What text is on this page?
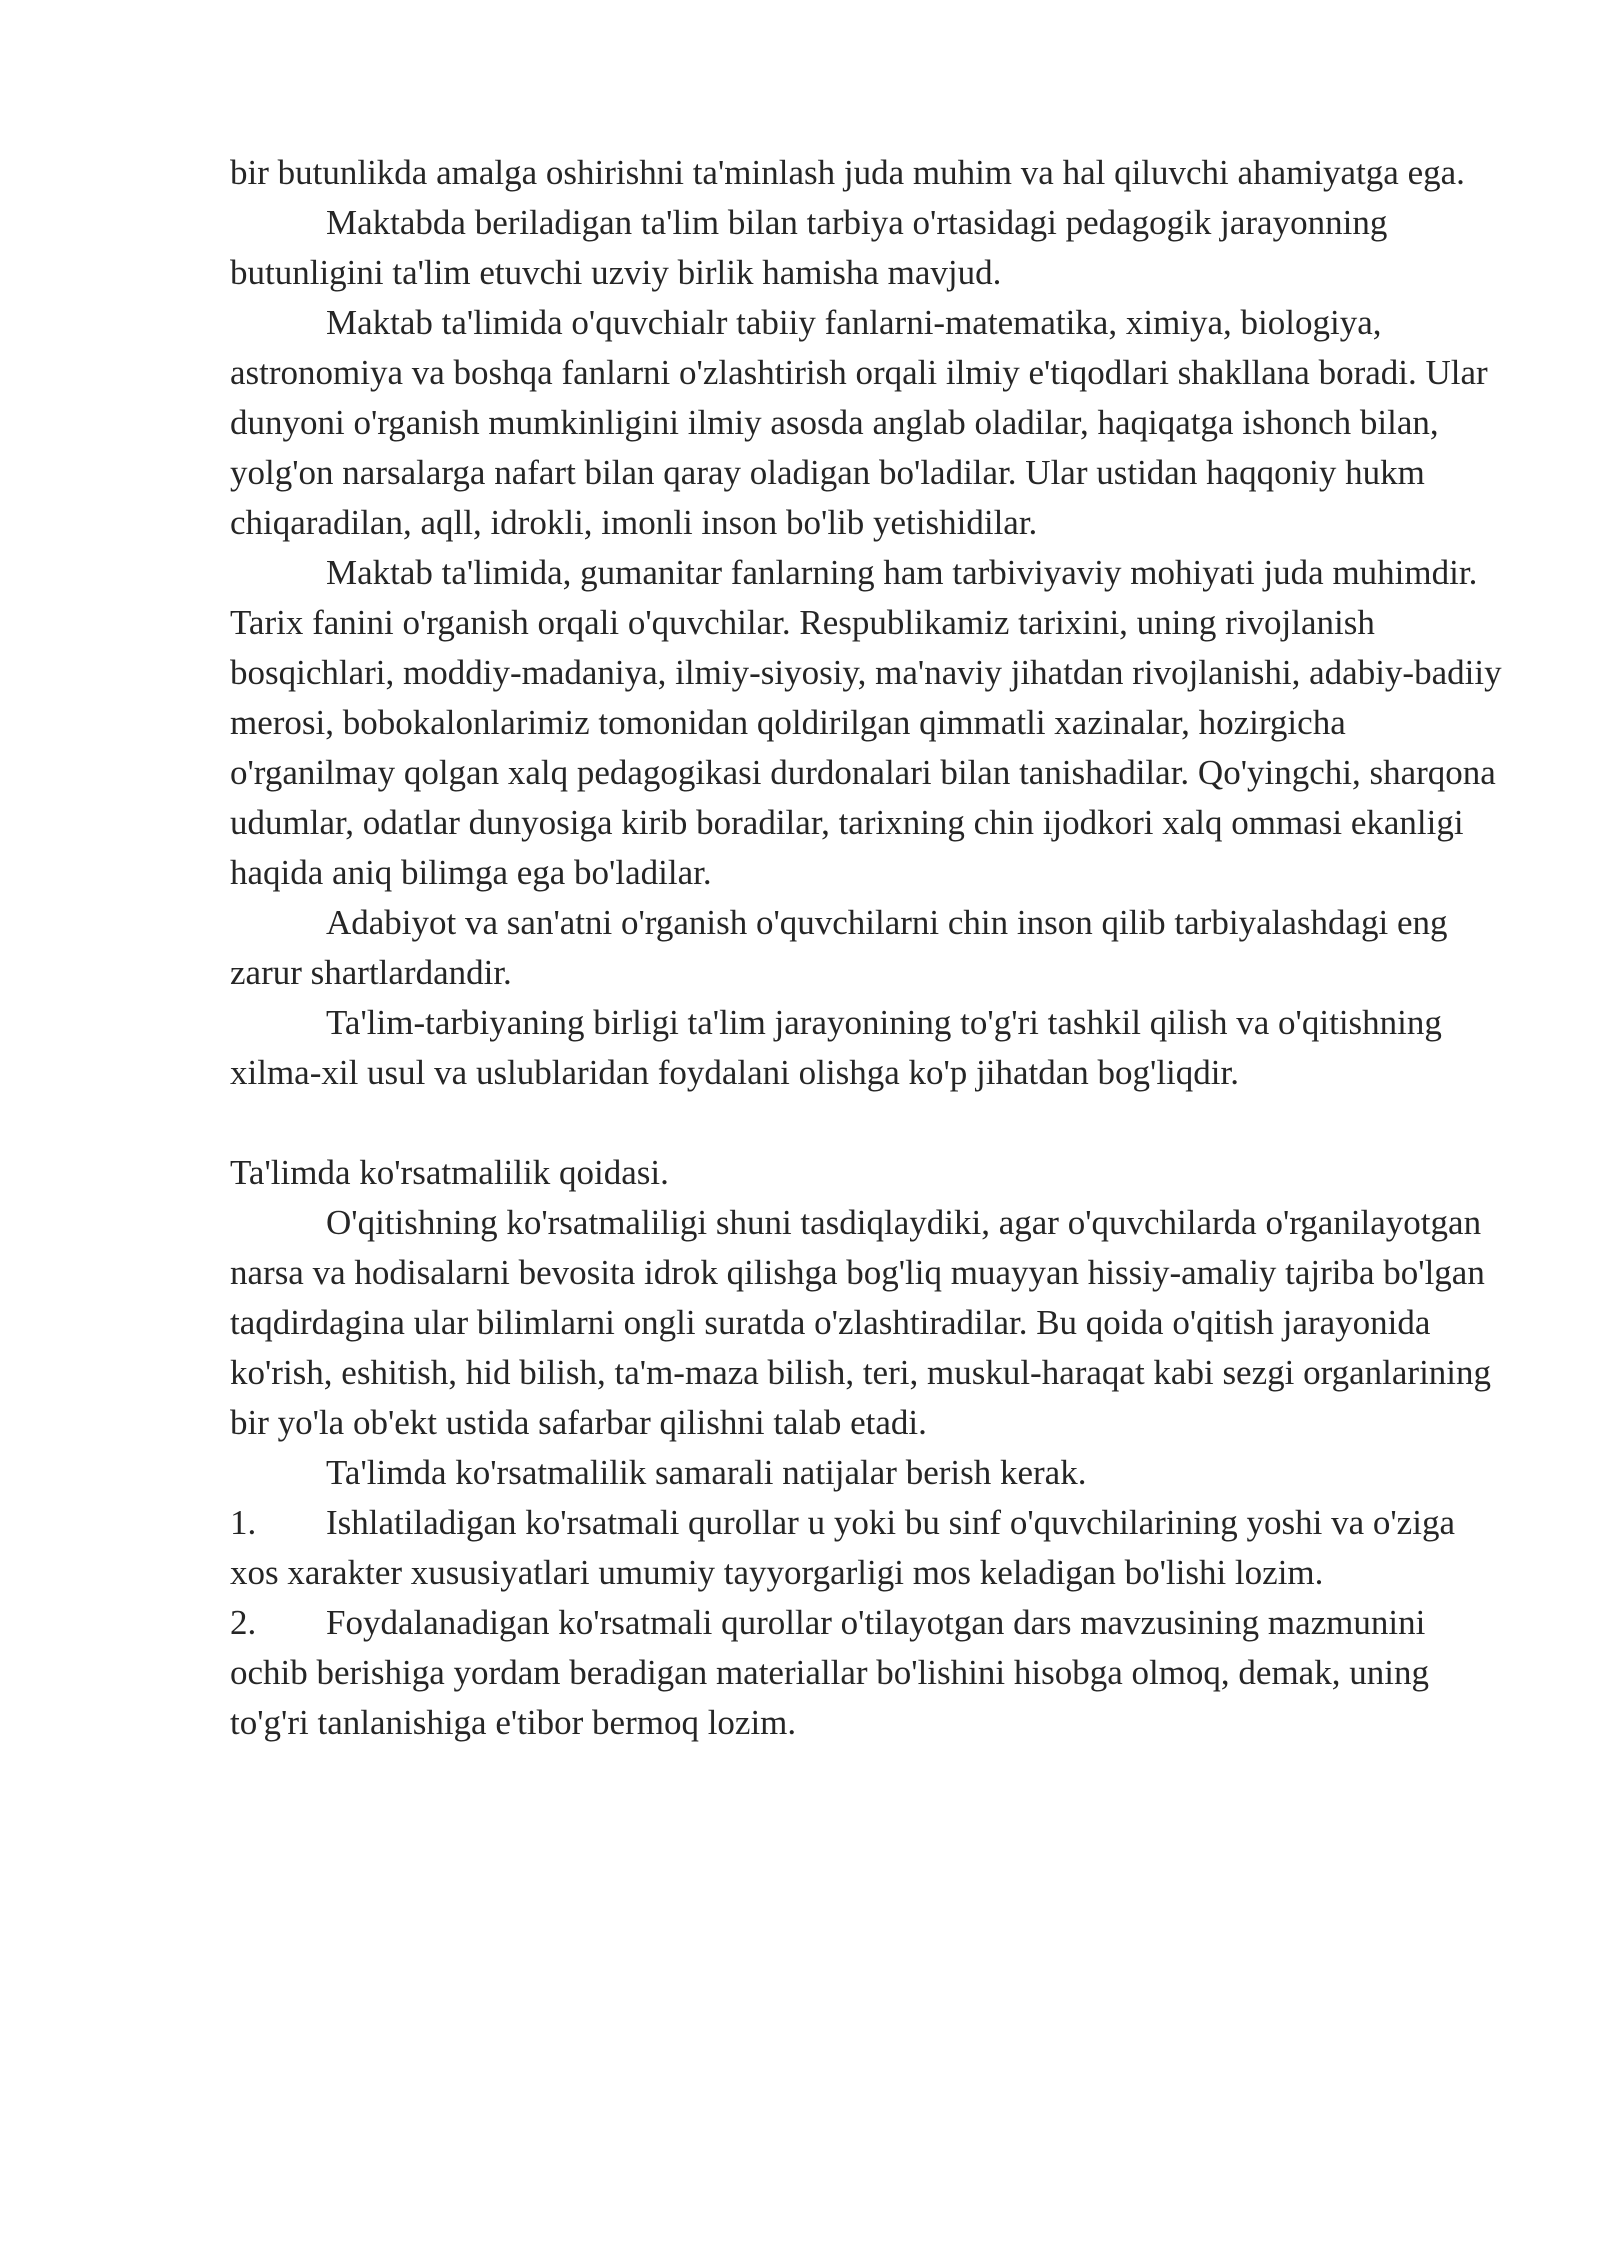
bir butunlikda amalga oshirishni ta'minlash juda muhim va hal qiluvchi ahamiyatga ega.

Maktabda beriladigan ta'lim bilan tarbiya o'rtasidagi pedagogik jarayonning butunligini ta'lim etuvchi uzviy birlik hamisha mavjud.

Maktab ta'limida o'quvchialr tabiiy fanlarni-matematika, ximiya, biologiya, astronomiya va boshqa fanlarni o'zlashtirish orqali ilmiy e'tiqodlari shakllana boradi. Ular dunyoni o'rganish mumkinligini ilmiy asosda anglab oladilar, haqiqatga ishonch bilan, yolg'on narsalarga nafart bilan qaray oladigan bo'ladilar. Ular ustidan haqqoniy hukm chiqaradilan, aqll, idrokli, imonli inson bo'lib yetishidilar.

Maktab ta'limida, gumanitar fanlarning ham tarbiviyaviy mohiyati juda muhimdir. Tarix fanini o'rganish orqali o'quvchilar. Respublikamiz tarixini, uning rivojlanish bosqichlari, moddiy-madaniya, ilmiy-siyosiy, ma'naviy jihatdan rivojlanishi, adabiy-badiiy merosi, bobokalonlarimiz tomonidan qoldirilgan qimmatli xazinalar, hozirgicha o'rganilmay qolgan xalq pedagogikasi durdonalari bilan tanishadilar. Qo'yingchi, sharqona udumlar, odatlar dunyosiga kirib boradilar, tarixning chin ijodkori xalq ommasi ekanligi haqida aniq bilimga ega bo'ladilar.

Adabiyot va san'atni o'rganish o'quvchilarni chin inson qilib tarbiyalashdagi eng zarur shartlardandir.

Ta'lim-tarbiyaning birligi ta'lim jarayonining to'g'ri tashkil qilish va o'qitishning xilma-xil usul va uslublaridan foydalani olishga ko'p jihatdan bog'liqdir.

Ta'limda ko'rsatmalilik qoidasi.

O'qitishning ko'rsatmaliligi shuni tasdiqlaydiki, agar o'quvchilarda o'rganilayotgan narsa va hodisalarni bevosita idrok qilishga bog'liq muayyan hissiy-amaliy tajriba bo'lgan taqdirdagina ular bilimlarni ongli suratda o'zlashtiradilar. Bu qoida o'qitish jarayonida ko'rish, eshitish, hid bilish, ta'm-maza bilish, teri, muskul-haraqat kabi sezgi organlarining bir yo'la ob'ekt ustida safarbar qilishni talab etadi.

Ta'limda ko'rsatmalilik samarali natijalar berish kerak.

1. Ishlatiladigan ko'rsatmali qurollar u yoki bu sinf o'quvchilarining yoshi va o'ziga xos xarakter xususiyatlari umumiy tayyorgarligi mos keladigan bo'lishi lozim.

2. Foydalanadigan ko'rsatmali qurollar o'tilayotgan dars mavzusining mazmunini ochib berishiga yordam beradigan materiallar bo'lishini hisobga olmoq, demak, uning to'g'ri tanlanishiga e'tibor bermoq lozim.
